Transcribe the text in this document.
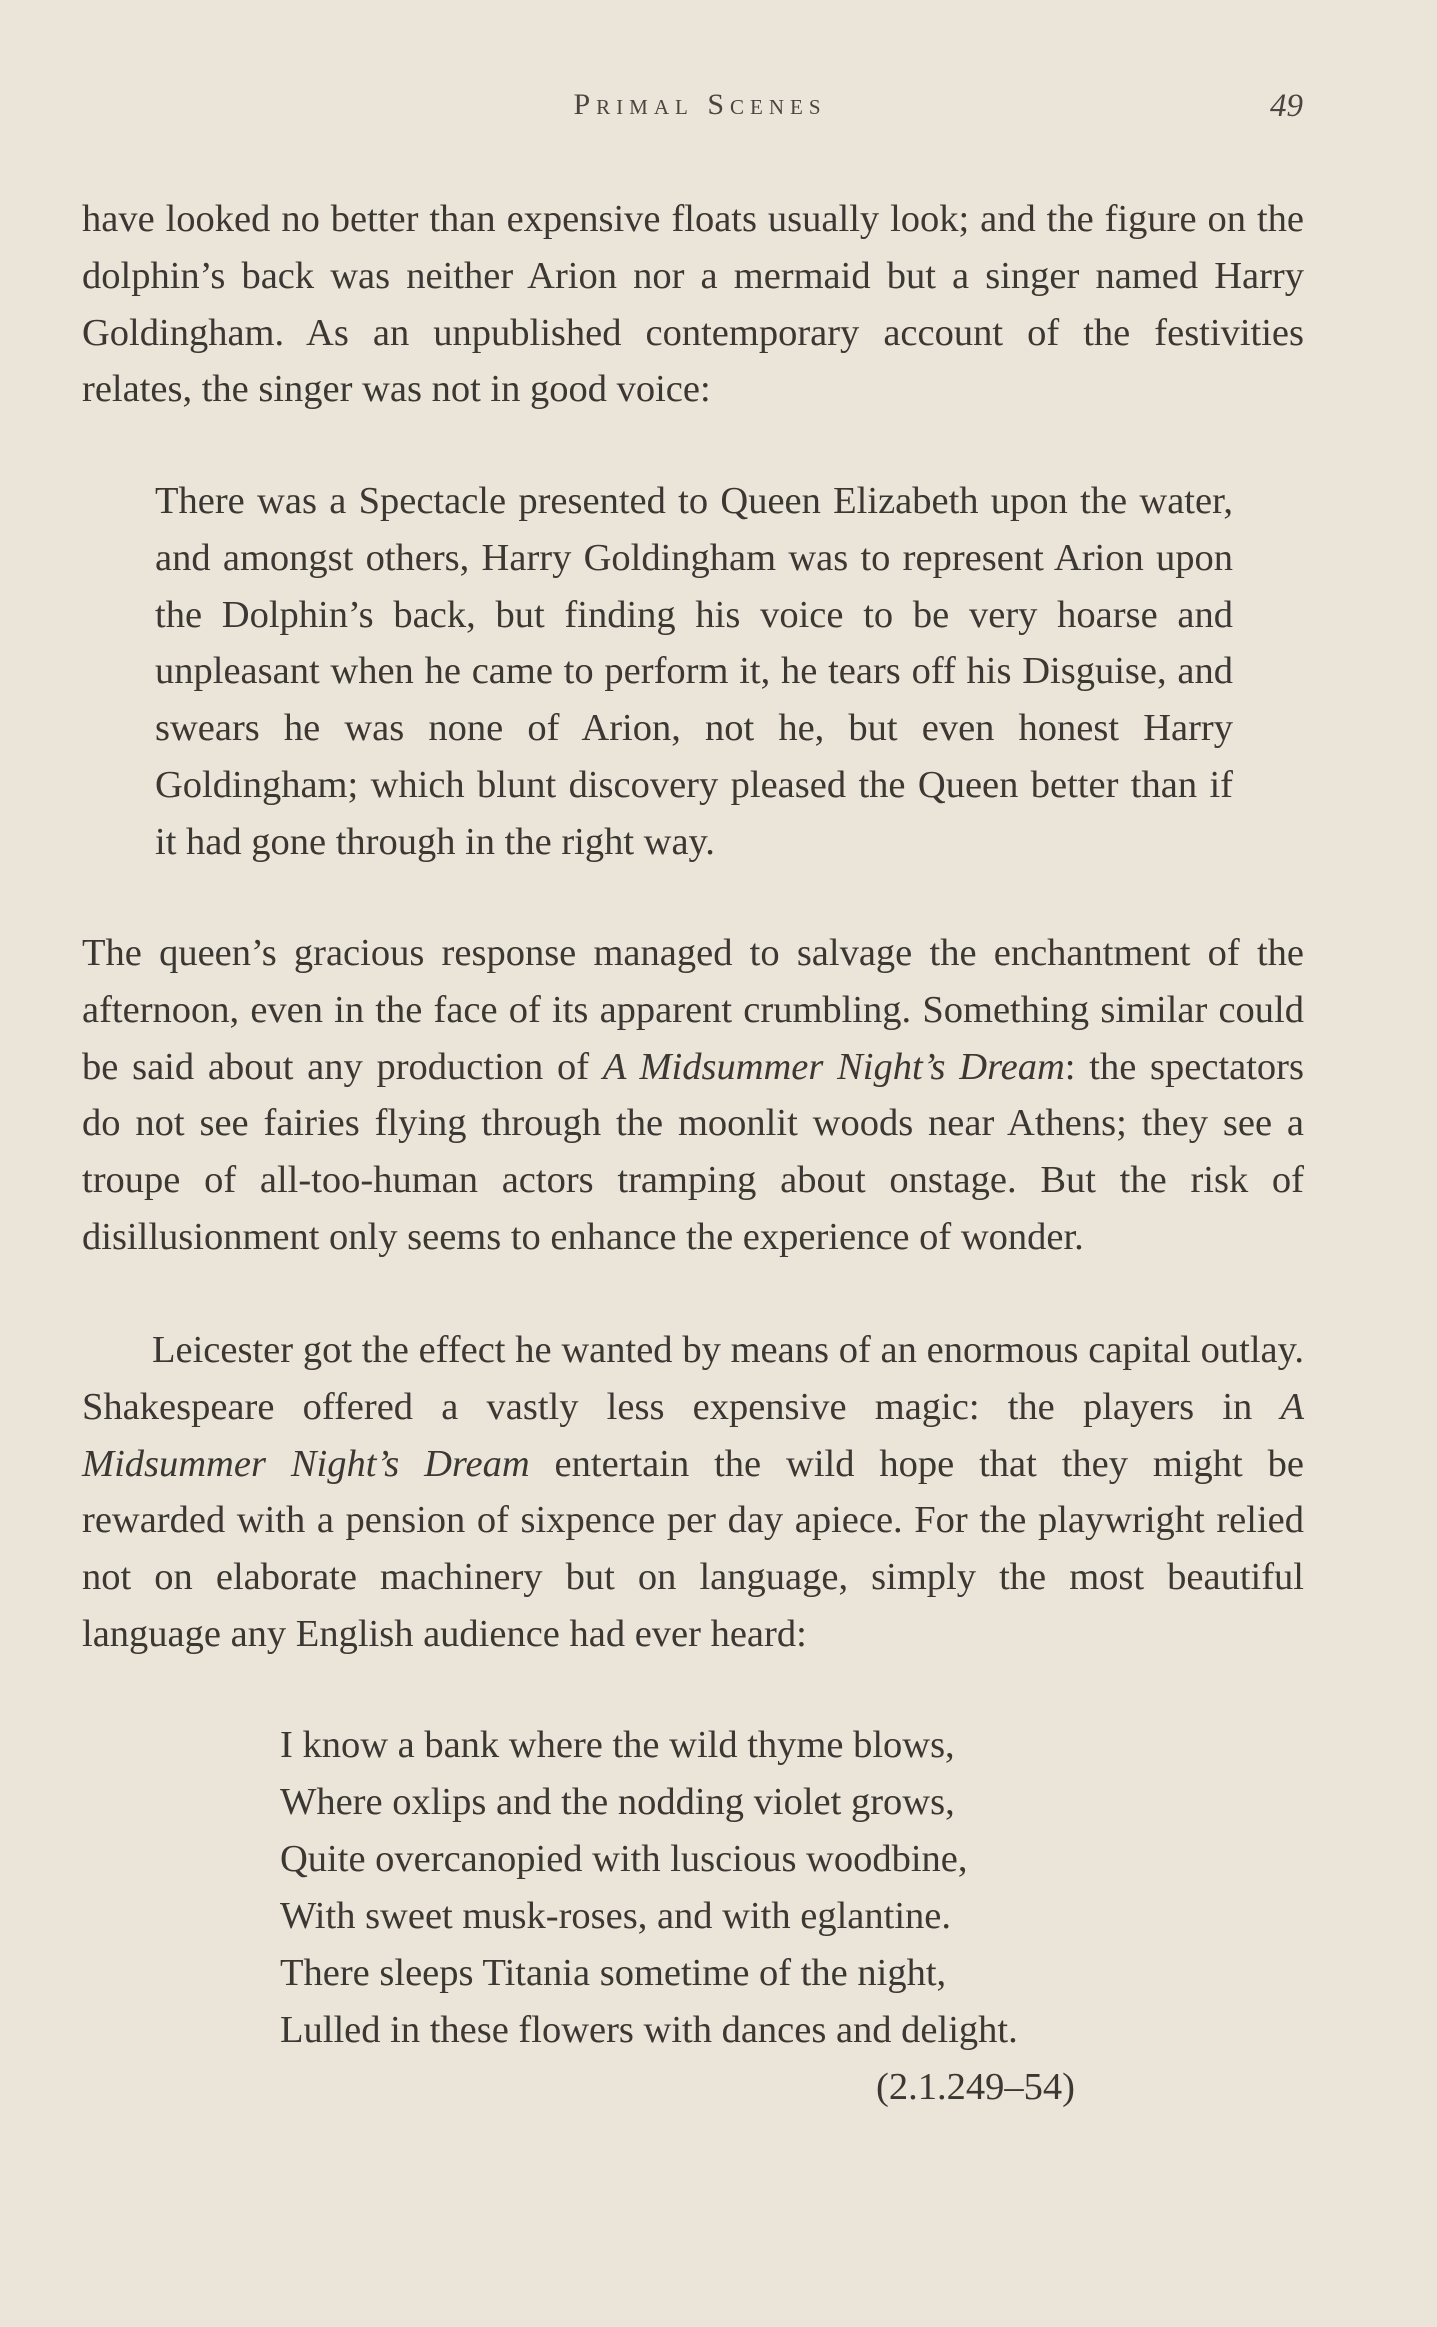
Primal Scenes	49

have looked no better than expensive floats usually look; and the figure on the dolphin’s back was neither Arion nor a mermaid but a singer named Harry Goldingham. As an unpublished contemporary account of the festivities relates, the singer was not in good voice:

There was a Spectacle presented to Queen Elizabeth upon the water, and amongst others, Harry Goldingham was to represent Arion upon the Dolphin’s back, but finding his voice to be very hoarse and unpleasant when he came to perform it, he tears off his Disguise, and swears he was none of Arion, not he, but even honest Harry Goldingham; which blunt discovery pleased the Queen better than if it had gone through in the right way.

The queen’s gracious response managed to salvage the enchantment of the afternoon, even in the face of its apparent crumbling. Something similar could be said about any production of A Midsummer Night’s Dream: the spectators do not see fairies flying through the moonlit woods near Athens; they see a troupe of all-too-human actors tramping about onstage. But the risk of disillusionment only seems to enhance the experience of wonder.

Leicester got the effect he wanted by means of an enormous capital outlay. Shakespeare offered a vastly less expensive magic: the players in A Midsummer Night’s Dream entertain the wild hope that they might be rewarded with a pension of sixpence per day apiece. For the playwright relied not on elaborate machinery but on language, simply the most beautiful language any English audience had ever heard:

I know a bank where the wild thyme blows,
Where oxlips and the nodding violet grows,
Quite overcanopied with luscious woodbine,
With sweet musk-roses, and with eglantine.
There sleeps Titania sometime of the night,
Lulled in these flowers with dances and delight.
(2.1.249–54)
